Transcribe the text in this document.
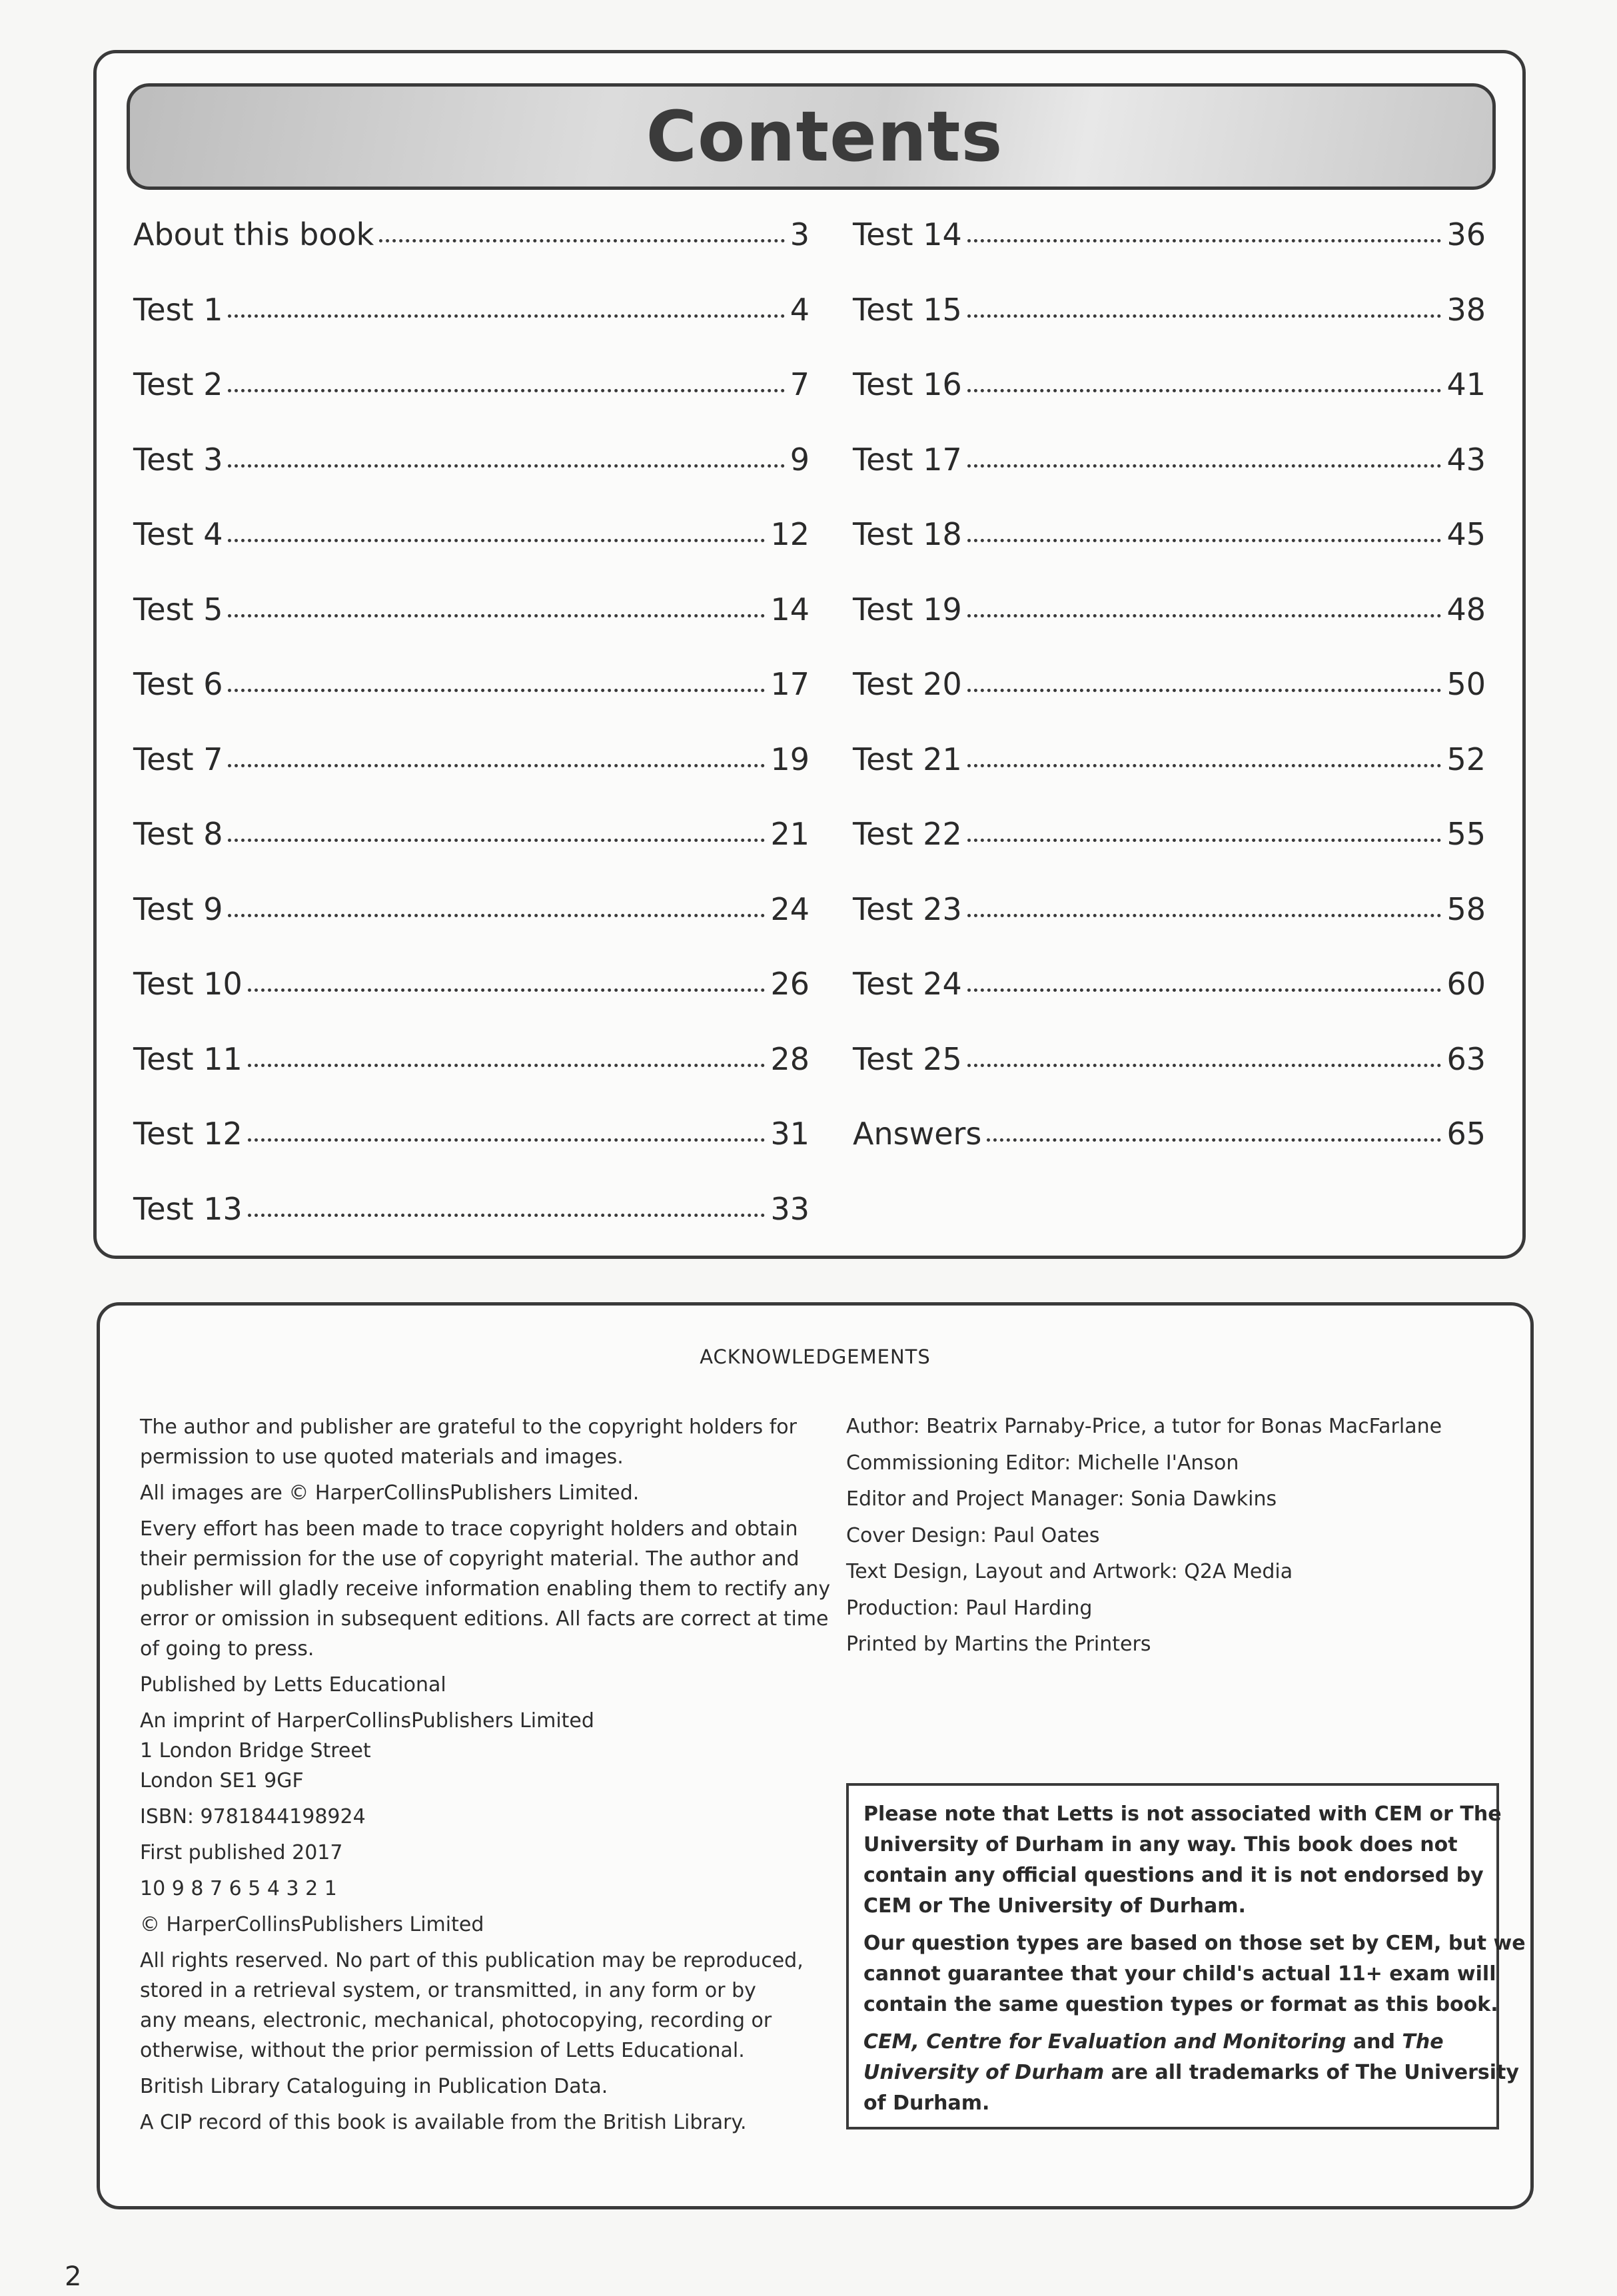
Contents
About this book	3
Test 1	4
Test 2	7
Test 3	9
Test 4	12
Test 5	14
Test 6	17
Test 7	19
Test 8	21
Test 9	24
Test 10	26
Test 11	28
Test 12	31
Test 13	33
Test 14	36
Test 15	38
Test 16	41
Test 17	43
Test 18	45
Test 19	48
Test 20	50
Test 21	52
Test 22	55
Test 23	58
Test 24	60
Test 25	63
Answers	65
ACKNOWLEDGEMENTS
The author and publisher are grateful to the copyright holders for
permission to use quoted materials and images.
All images are © HarperCollinsPublishers Limited.
Every effort has been made to trace copyright holders and obtain
their permission for the use of copyright material. The author and
publisher will gladly receive information enabling them to rectify any
error or omission in subsequent editions. All facts are correct at time
of going to press.
Published by Letts Educational
An imprint of HarperCollinsPublishers Limited
1 London Bridge Street
London SE1 9GF
ISBN: 9781844198924
First published 2017
10 9 8 7 6 5 4 3 2 1
© HarperCollinsPublishers Limited
All rights reserved. No part of this publication may be reproduced,
stored in a retrieval system, or transmitted, in any form or by
any means, electronic, mechanical, photocopying, recording or
otherwise, without the prior permission of Letts Educational.
British Library Cataloguing in Publication Data.
A CIP record of this book is available from the British Library.
Author: Beatrix Parnaby-Price, a tutor for Bonas MacFarlane
Commissioning Editor: Michelle I'Anson
Editor and Project Manager: Sonia Dawkins
Cover Design: Paul Oates
Text Design, Layout and Artwork: Q2A Media
Production: Paul Harding
Printed by Martins the Printers
Please note that Letts is not associated with CEM or The
University of Durham in any way. This book does not
contain any official questions and it is not endorsed by
CEM or The University of Durham.
Our question types are based on those set by CEM, but we
cannot guarantee that your child's actual 11+ exam will
contain the same question types or format as this book.
CEM, Centre for Evaluation and Monitoring and The
University of Durham are all trademarks of The University
of Durham.
2
